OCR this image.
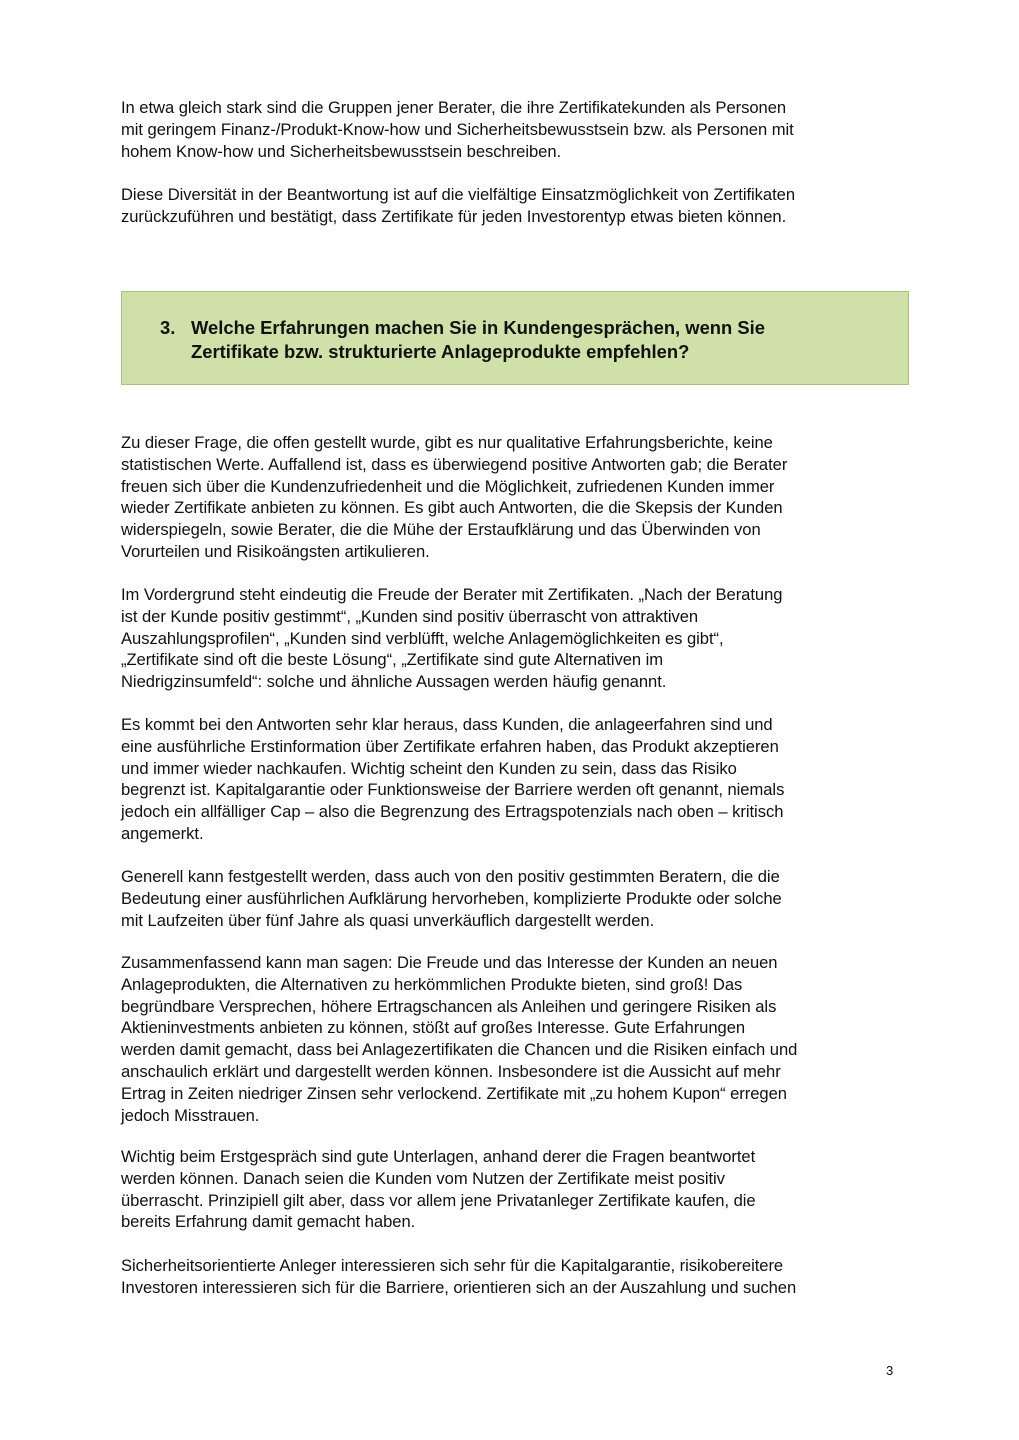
In etwa gleich stark sind die Gruppen jener Berater, die ihre Zertifikatekunden als Personen
mit geringem Finanz-/Produkt-Know-how und Sicherheitsbewusstsein bzw. als Personen mit
hohem Know-how und Sicherheitsbewusstsein beschreiben.
Diese Diversität in der Beantwortung ist auf die vielfältige Einsatzmöglichkeit von Zertifikaten
zurückzuführen und bestätigt, dass Zertifikate für jeden Investorentyp etwas bieten können.
3. Welche Erfahrungen machen Sie in Kundengesprächen, wenn Sie
Zertifikate bzw. strukturierte Anlageprodukte empfehlen?
Zu dieser Frage, die offen gestellt wurde, gibt es nur qualitative Erfahrungsberichte, keine
statistischen Werte. Auffallend ist, dass es überwiegend positive Antworten gab; die Berater
freuen sich über die Kundenzufriedenheit und die Möglichkeit, zufriedenen Kunden immer
wieder Zertifikate anbieten zu können. Es gibt auch Antworten, die die Skepsis der Kunden
widerspiegeln, sowie Berater, die die Mühe der Erstaufklärung und das Überwinden von
Vorurteilen und Risikoängsten artikulieren.
Im Vordergrund steht eindeutig die Freude der Berater mit Zertifikaten. „Nach der Beratung
ist der Kunde positiv gestimmt“, „Kunden sind positiv überrascht von attraktiven
Auszahlungsprofilen“, „Kunden sind verblüfft, welche Anlagemöglichkeiten es gibt“,
„Zertifikate sind oft die beste Lösung“, „Zertifikate sind gute Alternativen im
Niedrigzinsumfeld“: solche und ähnliche Aussagen werden häufig genannt.
Es kommt bei den Antworten sehr klar heraus, dass Kunden, die anlageerfahren sind und
eine ausführliche Erstinformation über Zertifikate erfahren haben, das Produkt akzeptieren
und immer wieder nachkaufen. Wichtig scheint den Kunden zu sein, dass das Risiko
begrenzt ist. Kapitalgarantie oder Funktionsweise der Barriere werden oft genannt, niemals
jedoch ein allfälliger Cap – also die Begrenzung des Ertragspotenzials nach oben – kritisch
angemerkt.
Generell kann festgestellt werden, dass auch von den positiv gestimmten Beratern, die die
Bedeutung einer ausführlichen Aufklärung hervorheben, komplizierte Produkte oder solche
mit Laufzeiten über fünf Jahre als quasi unverkäuflich dargestellt werden.
Zusammenfassend kann man sagen: Die Freude und das Interesse der Kunden an neuen
Anlageprodukten, die Alternativen zu herkömmlichen Produkte bieten, sind groß! Das
begründbare Versprechen, höhere Ertragschancen als Anleihen und geringere Risiken als
Aktieninvestments anbieten zu können, stößt auf großes Interesse. Gute Erfahrungen
werden damit gemacht, dass bei Anlagezertifikaten die Chancen und die Risiken einfach und
anschaulich erklärt und dargestellt werden können. Insbesondere ist die Aussicht auf mehr
Ertrag in Zeiten niedriger Zinsen sehr verlockend. Zertifikate mit „zu hohem Kupon“ erregen
jedoch Misstrauen.
Wichtig beim Erstgespräch sind gute Unterlagen, anhand derer die Fragen beantwortet
werden können. Danach seien die Kunden vom Nutzen der Zertifikate meist positiv
überrascht. Prinzipiell gilt aber, dass vor allem jene Privatanleger Zertifikate kaufen, die
bereits Erfahrung damit gemacht haben.
Sicherheitsorientierte Anleger interessieren sich sehr für die Kapitalgarantie, risikobereitere
Investoren interessieren sich für die Barriere, orientieren sich an der Auszahlung und suchen
3
